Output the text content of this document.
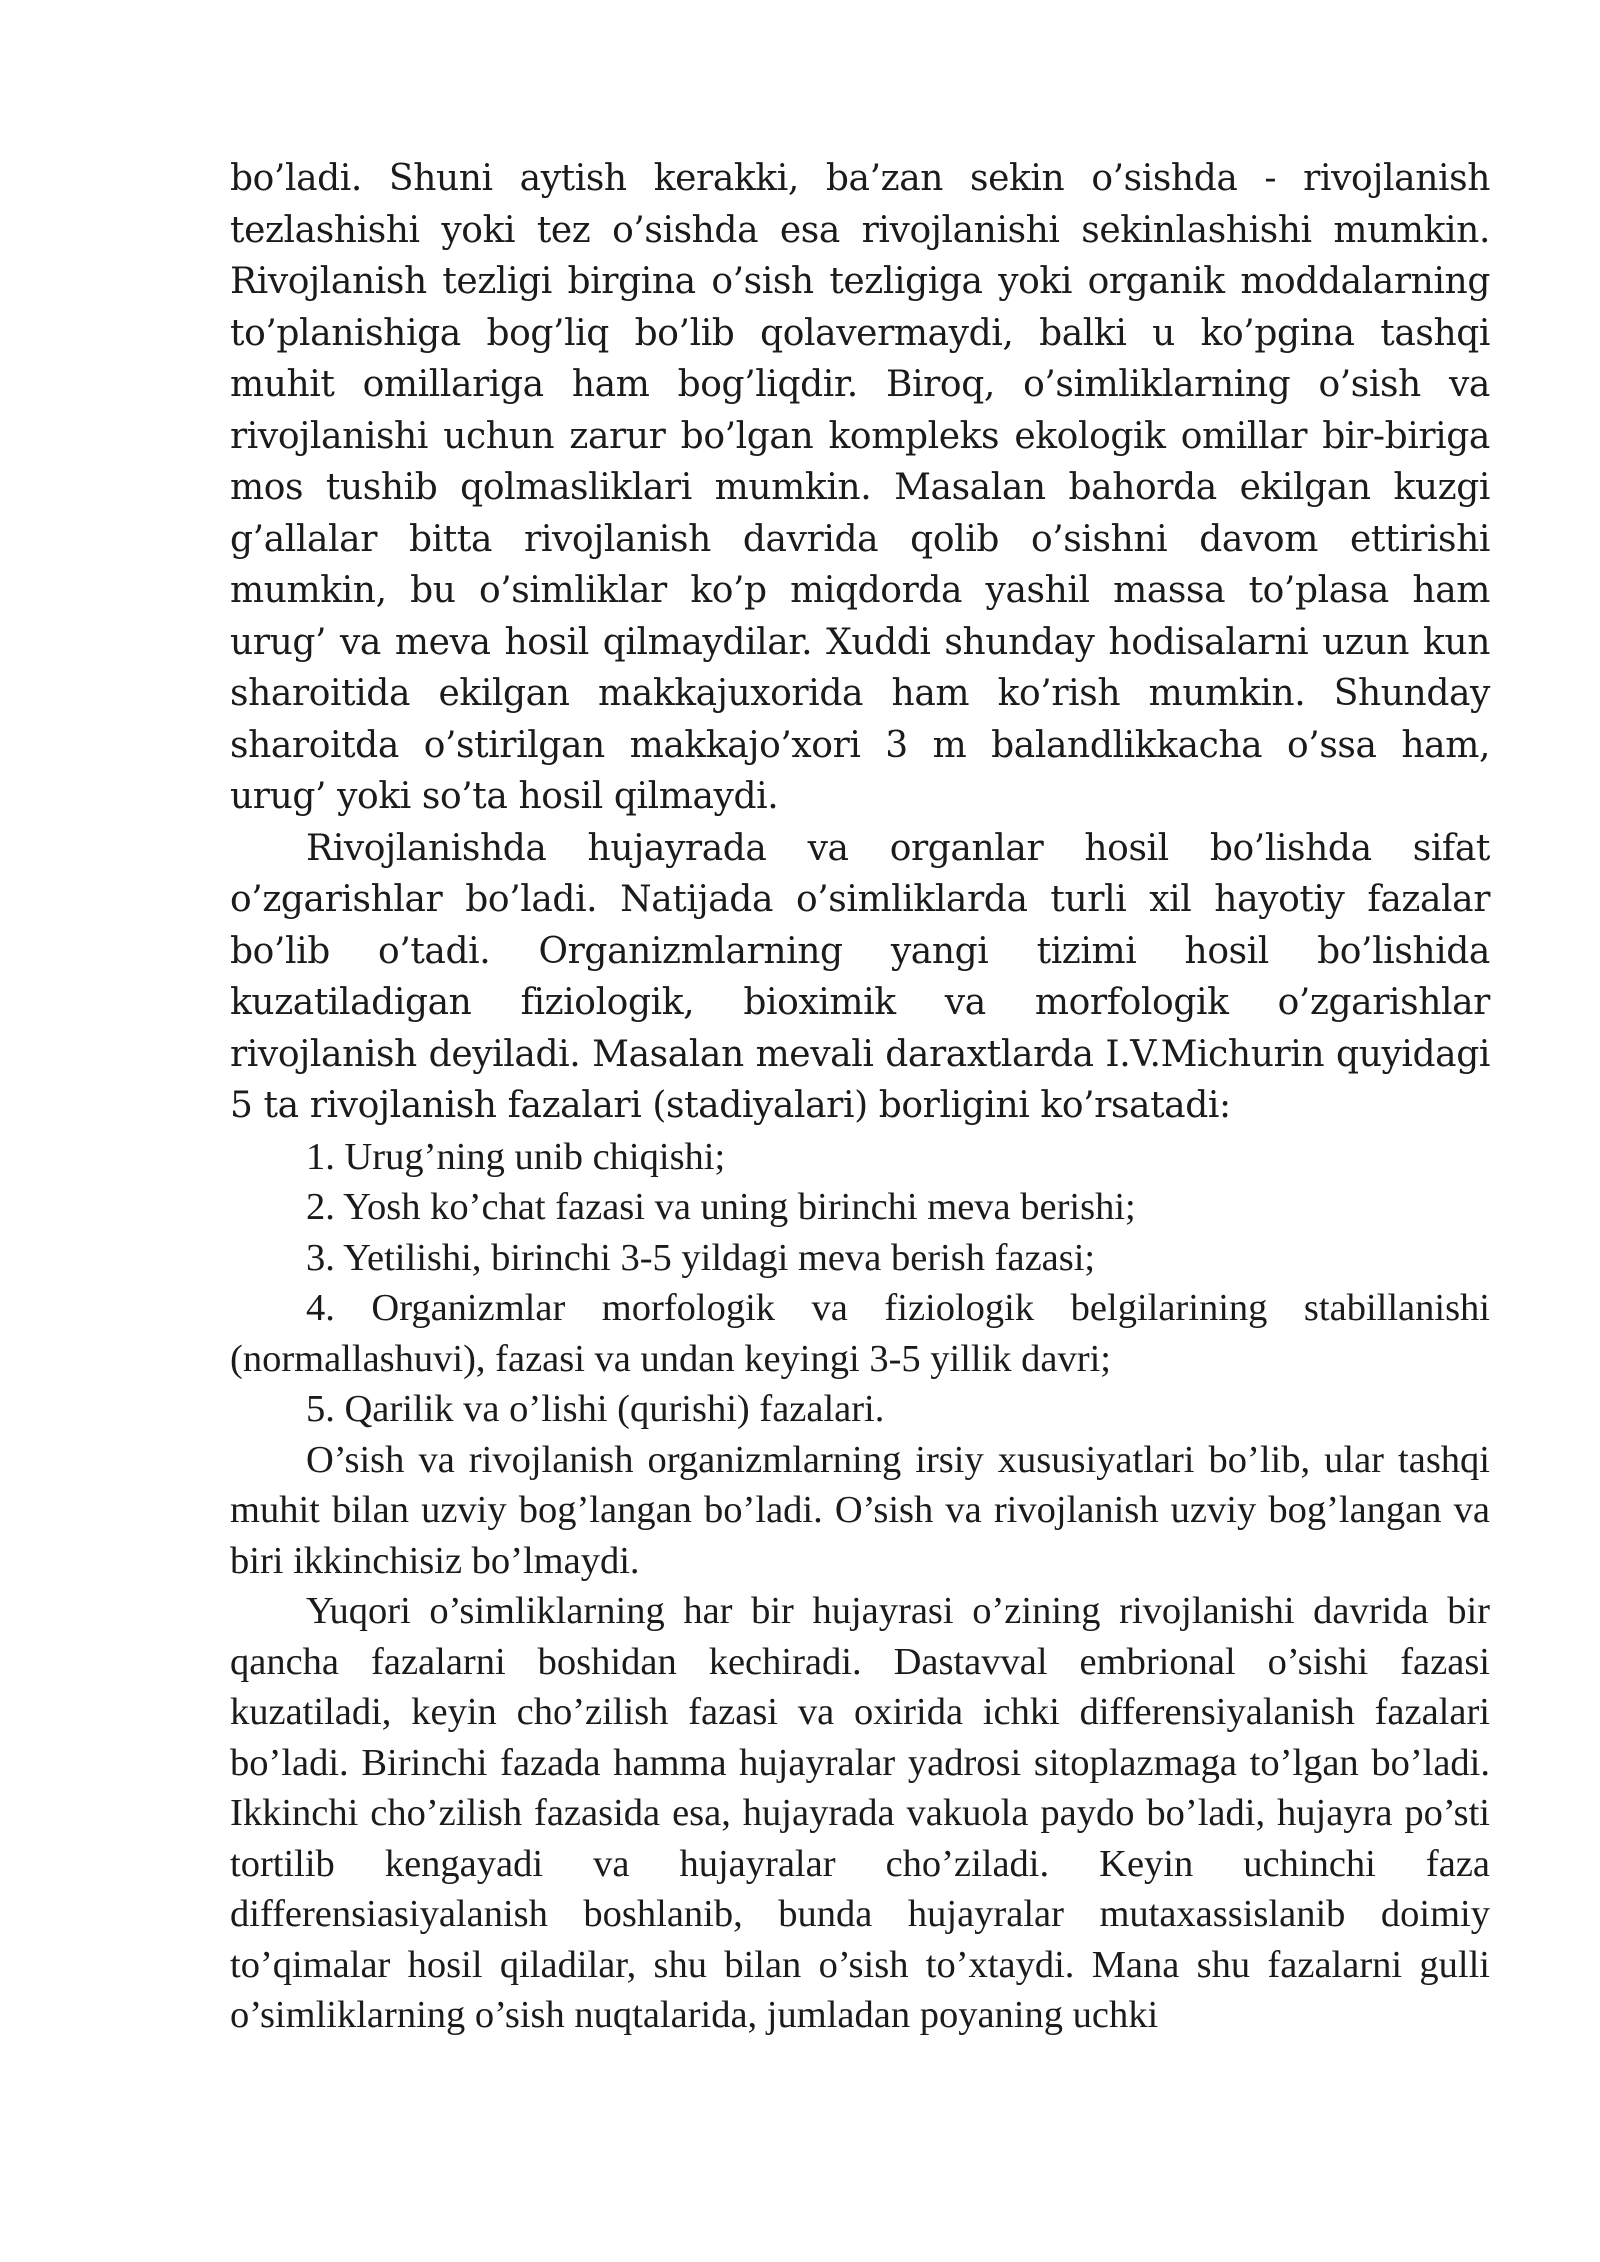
bo’ladi. Shuni aytish kerakki, ba’zan sekin o’sishda - rivojlanish tezlashishi yoki tez o’sishda esa rivojlanishi sekinlashishi mumkin. Rivojlanish tezligi birgina o’sish tezligiga yoki organik moddalarning to’planishiga bog’liq bo’lib qolavermaydi, balki u ko’pgina tashqi muhit omillariga ham bog’liqdir. Biroq, o’simliklarning o’sish va rivojlanishi uchun zarur bo’lgan kompleks ekologik omillar bir-biriga mos tushib qolmasliklari mumkin. Masalan bahorda ekilgan kuzgi g’allalar bitta rivojlanish davrida qolib o’sishni davom ettirishi mumkin, bu o’simliklar ko’p miqdorda yashil massa to’plasa ham urug’ va meva hosil qilmaydilar. Xuddi shunday hodisalarni uzun kun sharoitida ekilgan makkajuxorida ham ko’rish mumkin. Shunday sharoitda o’stirilgan makkajo’xori 3 m balandlikkacha o’ssa ham, urug’ yoki so’ta hosil qilmaydi.

Rivojlanishda hujayrada va organlar hosil bo’lishda sifat o’zgarishlar bo’ladi. Natijada o’simliklarda turli xil hayotiy fazalar bo’lib o’tadi. Organizmlarning yangi tizimi hosil bo’lishida kuzatiladigan fiziologik, bioximik va morfologik o’zgarishlar rivojlanish deyiladi. Masalan mevali daraxtlarda I.V.Michurin quyidagi 5 ta rivojlanish fazalari (stadiyalari) borligini ko’rsatadi:

1. Urug’ning unib chiqishi;

2. Yosh ko’chat fazasi va uning birinchi meva berishi;

3. Yetilishi, birinchi 3-5 yildagi meva berish fazasi;

4. Organizmlar morfologik va fiziologik belgilarining stabillanishi (normallashuvi), fazasi va undan keyingi 3-5 yillik davri;

5. Qarilik va o’lishi (qurishi) fazalari.

O’sish va rivojlanish organizmlarning irsiy xususiyatlari bo’lib, ular tashqi muhit bilan uzviy bog’langan bo’ladi. O’sish va rivojlanish uzviy bog’langan va biri ikkinchisiz bo’lmaydi.

Yuqori o’simliklarning har bir hujayrasi o’zining rivojlanishi davrida bir qancha fazalarni boshidan kechiradi. Dastavval embrional o’sishi fazasi kuzatiladi, keyin cho’zilish fazasi va oxirida ichki differensiyalanish fazalari bo’ladi. Birinchi fazada hamma hujayralar yadrosi sitoplazmaga to’lgan bo’ladi. Ikkinchi cho’zilish fazasida esa, hujayrada vakuola paydo bo’ladi, hujayra po’sti tortilib kengayadi va hujayralar cho’ziladi. Keyin uchinchi faza differensiasiyalanish boshlanib, bunda hujayralar mutaxassislanib doimiy to’qimalar hosil qiladilar, shu bilan o’sish to’xtaydi. Mana shu fazalarni gulli o’simliklarning o’sish nuqtalarida, jumladan poyaning uchki
